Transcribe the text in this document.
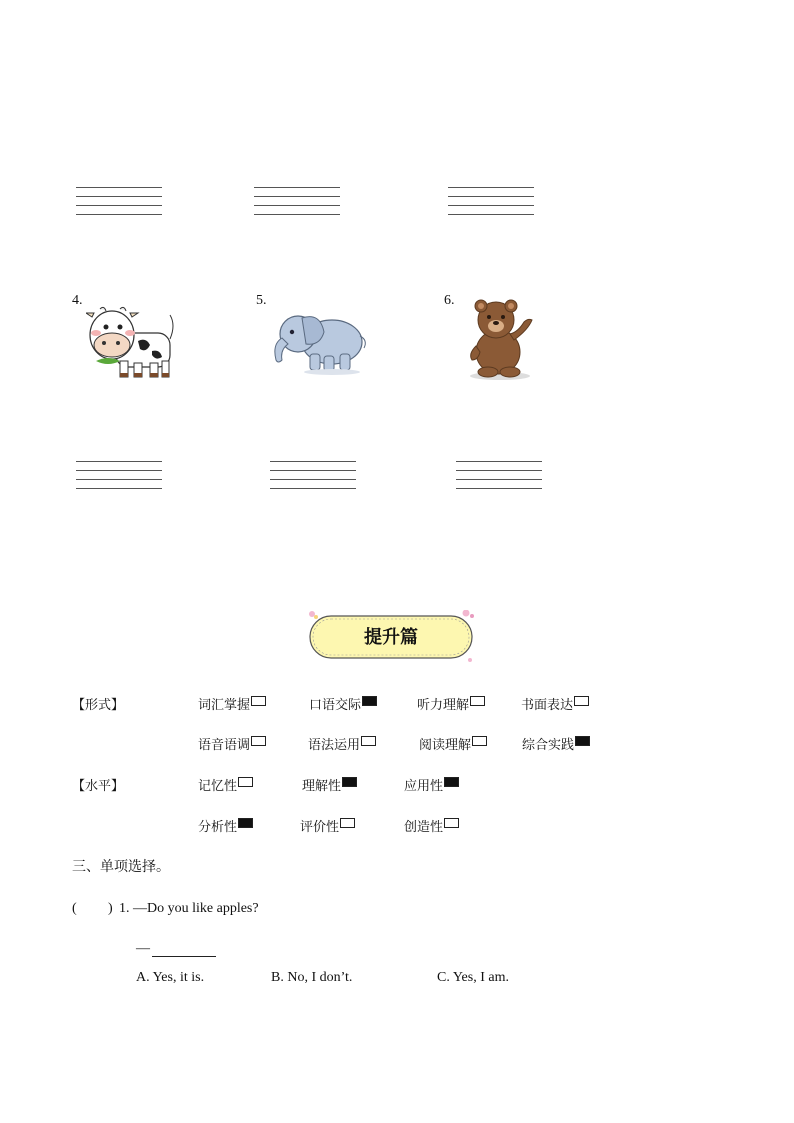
4.	5.	6.
提升篇
【形式】	词汇掌握	口语交际	听力理解	书面表达
语音语调	语法运用	阅读理解	综合实践
【水平】	记忆性	理解性	应用性
分析性	评价性	创造性
三、单项选择。
( ) 1. —Do you like apples?
—
A. Yes, it is.	B. No, I don’t.	C. Yes, I am.
